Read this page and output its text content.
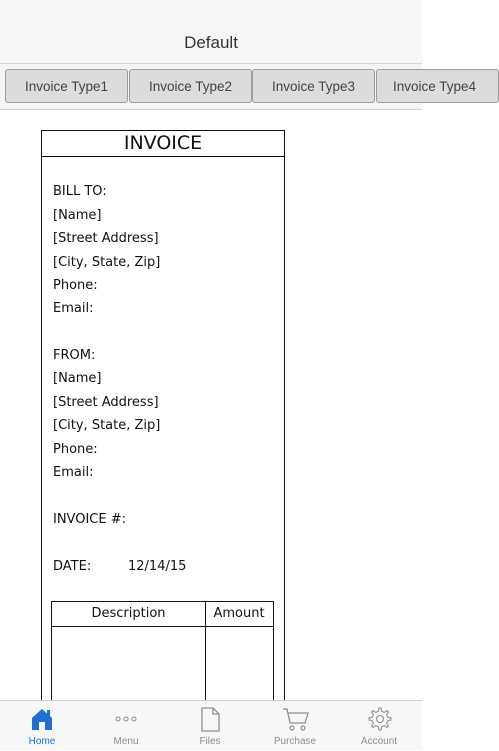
Default
Invoice Type1	Invoice Type2	Invoice Type3	Invoice Type4
INVOICE
BILL TO:
[Name]
[Street Address]
[City, State, Zip]
Phone:
Email:
FROM:
[Name]
[Street Address]
[City, State, Zip]
Phone:
Email:
INVOICE #:
DATE:	12/14/15
Description	Amount
Home	Menu	Files	Purchase	Account
